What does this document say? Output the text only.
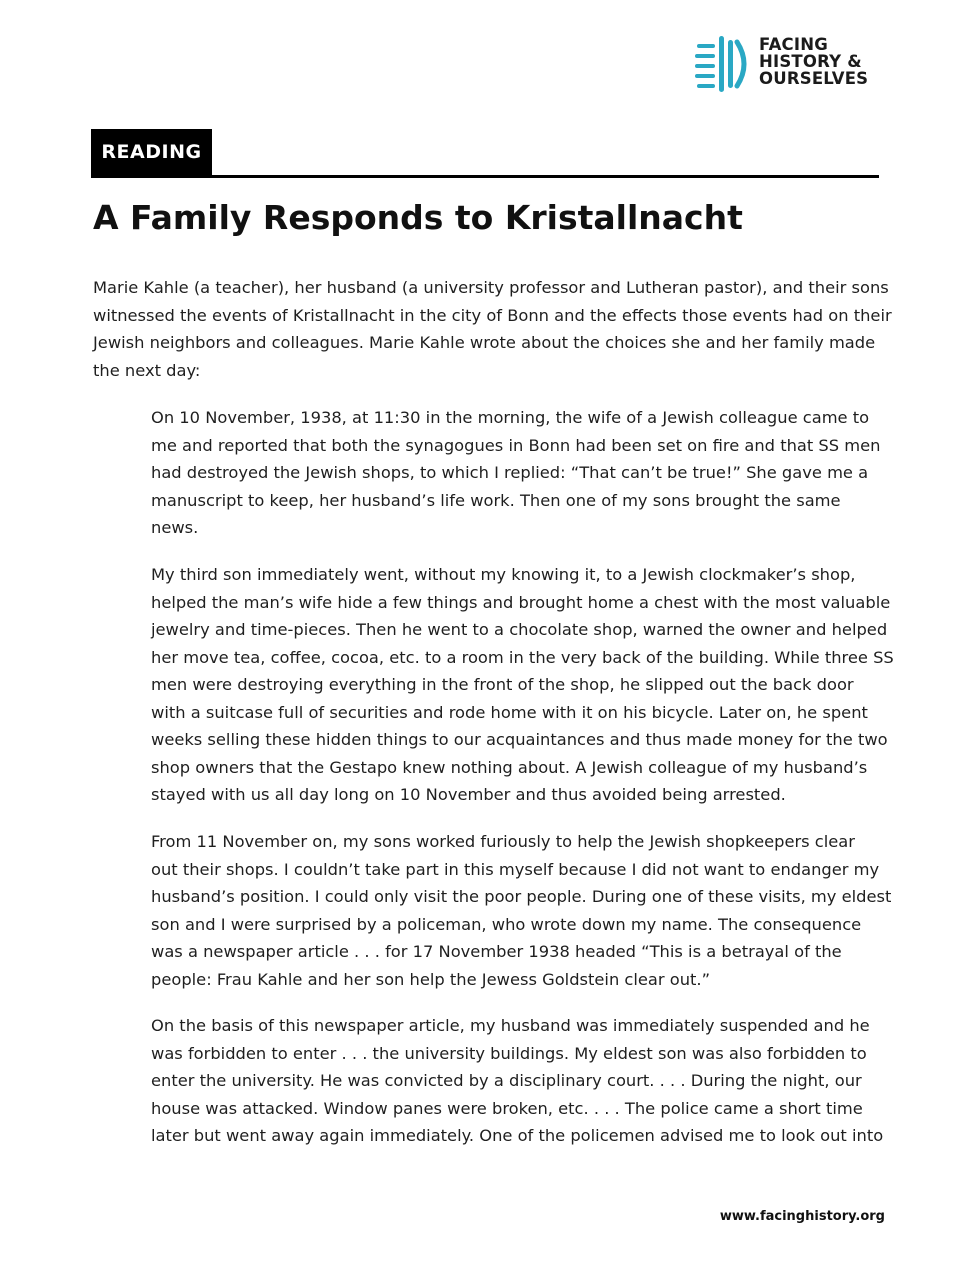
FACING
HISTORY &
OURSELVES
READING
A Family Responds to Kristallnacht

Marie Kahle (a teacher), her husband (a university professor and Lutheran pastor), and their sons
witnessed the events of Kristallnacht in the city of Bonn and the effects those events had on their
Jewish neighbors and colleagues. Marie Kahle wrote about the choices she and her family made
the next day:

On 10 November, 1938, at 11:30 in the morning, the wife of a Jewish colleague came to
me and reported that both the synagogues in Bonn had been set on fire and that SS men
had destroyed the Jewish shops, to which I replied: “That can’t be true!” She gave me a
manuscript to keep, her husband’s life work. Then one of my sons brought the same
news.

My third son immediately went, without my knowing it, to a Jewish clockmaker’s shop,
helped the man’s wife hide a few things and brought home a chest with the most valuable
jewelry and time-pieces. Then he went to a chocolate shop, warned the owner and helped
her move tea, coffee, cocoa, etc. to a room in the very back of the building. While three SS
men were destroying everything in the front of the shop, he slipped out the back door
with a suitcase full of securities and rode home with it on his bicycle. Later on, he spent
weeks selling these hidden things to our acquaintances and thus made money for the two
shop owners that the Gestapo knew nothing about. A Jewish colleague of my husband’s
stayed with us all day long on 10 November and thus avoided being arrested.

From 11 November on, my sons worked furiously to help the Jewish shopkeepers clear
out their shops. I couldn’t take part in this myself because I did not want to endanger my
husband’s position. I could only visit the poor people. During one of these visits, my eldest
son and I were surprised by a policeman, who wrote down my name. The consequence
was a newspaper article . . . for 17 November 1938 headed “This is a betrayal of the
people: Frau Kahle and her son help the Jewess Goldstein clear out.”

On the basis of this newspaper article, my husband was immediately suspended and he
was forbidden to enter . . . the university buildings. My eldest son was also forbidden to
enter the university. He was convicted by a disciplinary court. . . . During the night, our
house was attacked. Window panes were broken, etc. . . . The police came a short time
later but went away again immediately. One of the policemen advised me to look out into

www.facinghistory.org
